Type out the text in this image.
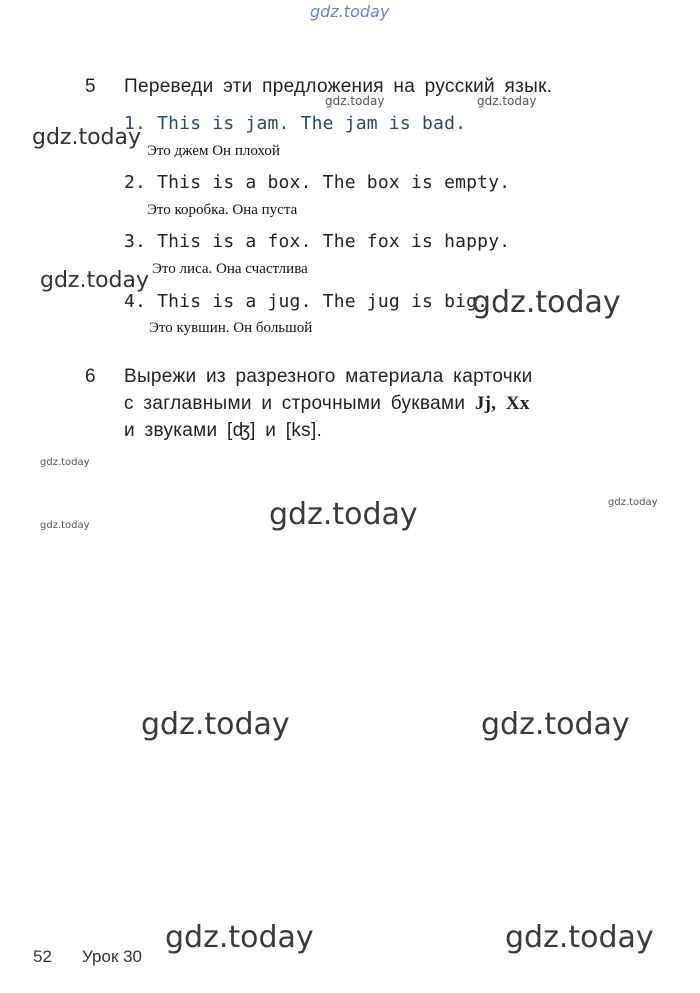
gdz.today
5 Переведи эти предложения на русский язык.
1. This is jam. The jam is bad.
Это джем Он плохой
2. This is a box. The box is empty.
Это коробка. Она пуста
3. This is a fox. The fox is happy.
Это лиса. Она счастлива
4. This is a jug. The jug is big.
Это кувшин. Он большой
6 Вырежи из разрезного материала карточки
с заглавными и строчными буквами Jj, Xx
и звуками [ʤ] и [ks].
gdz.today	gdz.today
gdz.today
gdz.today
gdz.today
gdz.today
gdz.today
gdz.today
gdz.today
gdz.today	gdz.today
gdz.today	gdz.today
52 Урок 30
